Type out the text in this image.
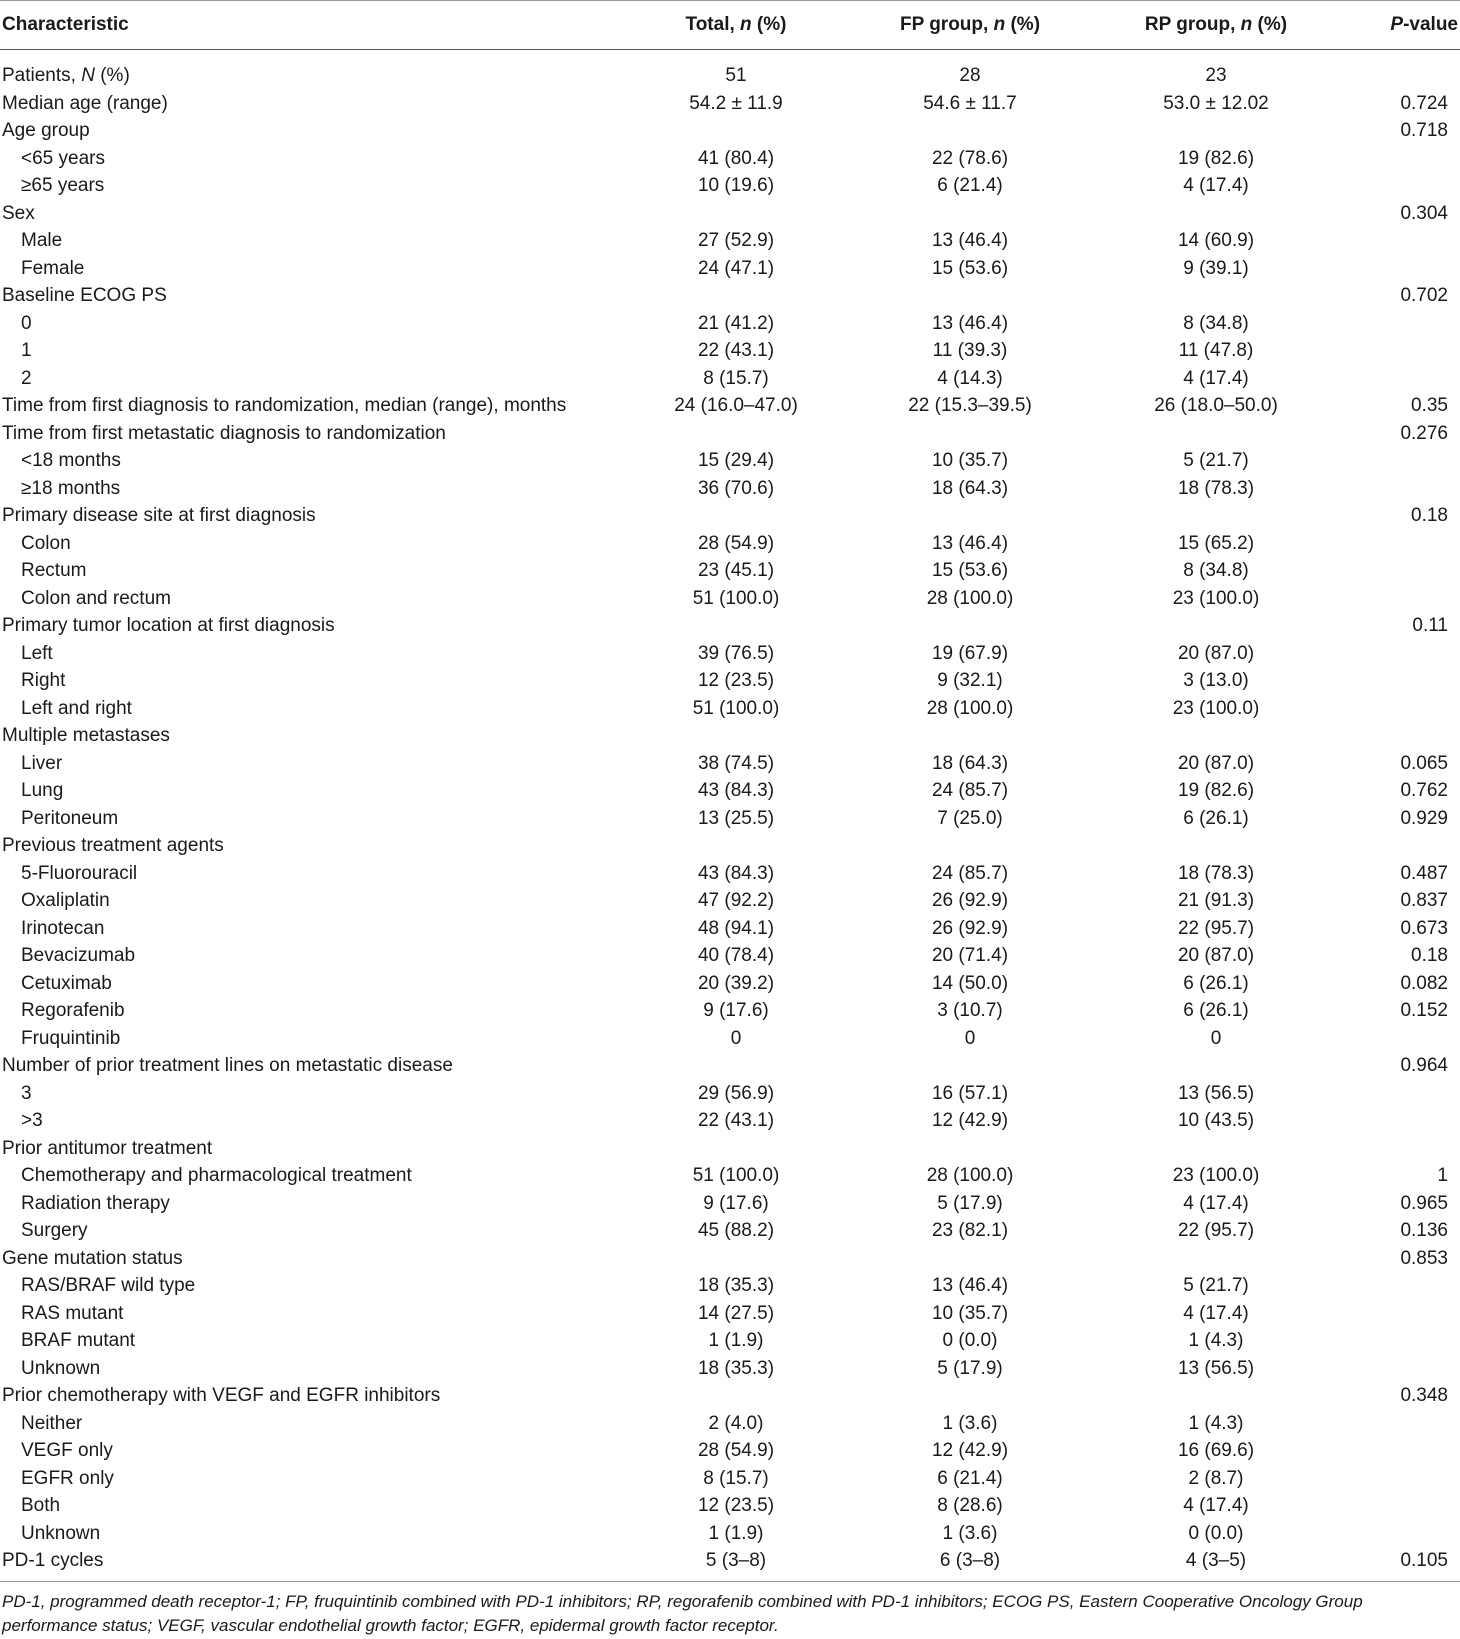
Characteristic	Total, n (%)	FP group, n (%)	RP group, n (%)	P-value
Patients, N (%)	51	28	23
Median age (range)	54.2 ± 11.9	54.6 ± 11.7	53.0 ± 12.02	0.724
Age group	0.718
<65 years	41 (80.4)	22 (78.6)	19 (82.6)
≥65 years	10 (19.6)	6 (21.4)	4 (17.4)
Sex	0.304
Male	27 (52.9)	13 (46.4)	14 (60.9)
Female	24 (47.1)	15 (53.6)	9 (39.1)
Baseline ECOG PS	0.702
0	21 (41.2)	13 (46.4)	8 (34.8)
1	22 (43.1)	11 (39.3)	11 (47.8)
2	8 (15.7)	4 (14.3)	4 (17.4)
Time from first diagnosis to randomization, median (range), months	24 (16.0–47.0)	22 (15.3–39.5)	26 (18.0–50.0)	0.35
Time from first metastatic diagnosis to randomization	0.276
<18 months	15 (29.4)	10 (35.7)	5 (21.7)
≥18 months	36 (70.6)	18 (64.3)	18 (78.3)
Primary disease site at first diagnosis	0.18
Colon	28 (54.9)	13 (46.4)	15 (65.2)
Rectum	23 (45.1)	15 (53.6)	8 (34.8)
Colon and rectum	51 (100.0)	28 (100.0)	23 (100.0)
Primary tumor location at first diagnosis	0.11
Left	39 (76.5)	19 (67.9)	20 (87.0)
Right	12 (23.5)	9 (32.1)	3 (13.0)
Left and right	51 (100.0)	28 (100.0)	23 (100.0)
Multiple metastases
Liver	38 (74.5)	18 (64.3)	20 (87.0)	0.065
Lung	43 (84.3)	24 (85.7)	19 (82.6)	0.762
Peritoneum	13 (25.5)	7 (25.0)	6 (26.1)	0.929
Previous treatment agents
5-Fluorouracil	43 (84.3)	24 (85.7)	18 (78.3)	0.487
Oxaliplatin	47 (92.2)	26 (92.9)	21 (91.3)	0.837
Irinotecan	48 (94.1)	26 (92.9)	22 (95.7)	0.673
Bevacizumab	40 (78.4)	20 (71.4)	20 (87.0)	0.18
Cetuximab	20 (39.2)	14 (50.0)	6 (26.1)	0.082
Regorafenib	9 (17.6)	3 (10.7)	6 (26.1)	0.152
Fruquintinib	0	0	0
Number of prior treatment lines on metastatic disease	0.964
3	29 (56.9)	16 (57.1)	13 (56.5)
>3	22 (43.1)	12 (42.9)	10 (43.5)
Prior antitumor treatment
Chemotherapy and pharmacological treatment	51 (100.0)	28 (100.0)	23 (100.0)	1
Radiation therapy	9 (17.6)	5 (17.9)	4 (17.4)	0.965
Surgery	45 (88.2)	23 (82.1)	22 (95.7)	0.136
Gene mutation status	0.853
RAS/BRAF wild type	18 (35.3)	13 (46.4)	5 (21.7)
RAS mutant	14 (27.5)	10 (35.7)	4 (17.4)
BRAF mutant	1 (1.9)	0 (0.0)	1 (4.3)
Unknown	18 (35.3)	5 (17.9)	13 (56.5)
Prior chemotherapy with VEGF and EGFR inhibitors	0.348
Neither	2 (4.0)	1 (3.6)	1 (4.3)
VEGF only	28 (54.9)	12 (42.9)	16 (69.6)
EGFR only	8 (15.7)	6 (21.4)	2 (8.7)
Both	12 (23.5)	8 (28.6)	4 (17.4)
Unknown	1 (1.9)	1 (3.6)	0 (0.0)
PD-1 cycles	5 (3–8)	6 (3–8)	4 (3–5)	0.105
PD-1, programmed death receptor-1; FP, fruquintinib combined with PD-1 inhibitors; RP, regorafenib combined with PD-1 inhibitors; ECOG PS, Eastern Cooperative Oncology Group performance status; VEGF, vascular endothelial growth factor; EGFR, epidermal growth factor receptor.
